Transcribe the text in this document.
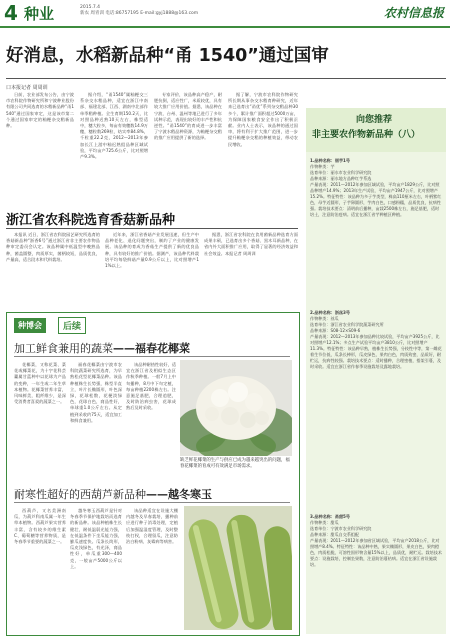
4 种业	2015.7.4
新农 周青训 电话:86757195 E-mail:gyj1888@163.com	农村信息报
好消息，水稻新品种“甬 1540”通过国审
口本报记者 周周训

日前，农业部发布公告，由宁波市农科院作物研究所和宁波种业股份有限公司共同选育的水稻新品种“甬1540”通过国家审定，这是该市第二个通过国家审定的籼粳杂交稻新品种。

据介绍，“甬1540”属籼粳交三系杂交水稻品种，适宜在浙江中南部、福建北部、江西、湖南中北部作单季稻种植。全生育期150.2天，比对照品种迟熟10天左右，株型适中，穗大粒多，每亩有效穗数14.9万穗，穗粒数269粒，结实率84.8%，千粒重22.2克，2012—2013年参加长江上游中籼迟熟组品种区域试验，平均亩产725.6公斤，比对照增产9.3%。

专家评价，该品种高产稳产，耐肥抗倒，适应性广，米质较优，具有较大推广应用价值。据悉，该品种在宁波、台州、温州等地已进行了多年试种示范，表现出较好的丰产性和抗逆性。“甬1540”的育成进一步丰富了宁波水稻品种资源，为籼粳杂交稻的推广应用提供了新的选择。

据了解，宁波市农科院作物研究所长期从事杂交水稻育种研究，近年来已选育出“甬优”系列杂交稻品种30多个，累计推广面积超过5000万亩，为保障国家粮食安全作出了积极贡献。业内人士表示，该品种的通过国审，将有利于扩大推广范围，进一步提升籼粳杂交稻的种植效益，带动农民增收。

浙江省农科院选育香菇新品种

本报讯 近日，浙江省农科院园艺研究所选育的香菇新品种“浙香6号”通过浙江省非主要农作物品种审定委员会认定。该品种属中低温型中晚熟品种，菌盖圆整，肉质厚实，菌柄较短，品质优良，产量高，适合段木和代料栽培。

近年来，浙江省香菇产业发展迅速，但生产中品种老化、退化问题突出，制约了产业的健康发展。该品种的育成为香菇生产提供了新的优良品种，具有较好的推广价值。据测产，该品种代料栽培平均每袋鲜菇产量0.9公斤以上，比对照增产11%以上。

据悉，浙江省农科院在食用菌新品种选育方面成果丰硕，已选育出多个香菇、黑木耳新品种，在省内外大面积推广应用，取得了显著的经济效益和社会效益。本报记者 周周训

种博会	后续
加工鲜食兼用的蔬菜——福春花椰菜

花椰菜，又称花菜、菜花或椰菜花，为十字花科芸薹属甘蓝种中以花球为产品的变种，一年生或二年生草本植物。花椰菜营养丰富，风味鲜美，粗纤维少，是深受消费者喜爱的蔬菜之一。

福春花椰菜由宁波市农科院蔬菜研究所选育，为早熟松花型花椰菜品种。该品种植株生长势强，株型半直立，叶片长椭圆形，叶色深绿，花球松散，花梗淡绿色，花球白色，商品性好，单球重1.0公斤左右。从定植到采收约75天，适宜加工和鲜食兼用。

该品种耐热性较好，适宜在浙江省及相似生态区作秋季种植。一般7月上中旬播种，8月中下旬定植，每亩种植2200株左右。注意施足基肥，合理追肥，及时防治病虫害，花球成熟后及时采收。

缺乏鲜花椰菜的生产与供应已成为越来越突出的问题，福春花椰菜的育成可有效满足市场需求。
耐寒性超好的西葫芦新品种——越冬寒玉

西葫芦，又名美洲南瓜，为葫芦科南瓜属一年生草本植物。西葫芦果实营养丰富，含有较多的维生素C、葡萄糖等营养物质，是冬春季节重要的蔬菜之一。

越冬寒玉西葫芦是针对冬春季节保护地栽培而选育的新品种。该品种植株生长健壮，耐低温弱光能力强，在低温条件下坐瓜能力强，膨瓜速度快。瓜条长筒形，瓜皮浅绿色，有光泽，商品性好，单瓜重300—400克，一般亩产5000公斤以上。

该品种适宜在设施大棚内越冬及早春栽培，播种前应进行种子消毒处理，定植后加强温湿度管理，及时整枝打杈，合理留瓜，注意防治白粉病、灰霉病等病害。

向您推荐
非主要农作物新品种（八）

1.品种名称：丽芋1号

作物种类：芋

选育单位：丽水市农业科学研究院

品种来源：丽水地方品种红芋系选

产量表现：2011—2012年参加区域试验，平均亩产1829公斤，比对照品种增产14.9%；2013年生产试验，平均亩产1947公斤，比对照增产15.2%。特征特性：该品种为多子芋类型，株高110厘米左右，叶柄紫红色，母芋近圆形，子芋卵圆形，芋肉白色，口感粉糯，品质优良，抗病性强。栽培技术要点：清明前后播种，亩栽2500株左右，施足基肥，适时培土，注意防治疫病。适宜在浙江省芋种植区种植。

2.品种名称：浙丝3号

作物种类：丝瓜

选育单位：浙江省农业科学院蔬菜研究所

品种来源：S08-12×S09-6

产量表现：2012—2013年参加品种比较试验，平均亩产3925公斤，比对照增产12.1%；多点生产试验平均亩产3810公斤，比对照增产11.3%。特征特性：该品种早熟，植株生长势强，分枝性中等，第一雌花着生节位低，瓜条长棒形，瓜皮绿色，果肉白色，肉质致密，品质好，耐贮运，抗病性较强。栽培技术要点：适时播种，合理密植，搭架引蔓，及时采收。适宜在浙江省作春季设施栽培及露地栽培。

3.品种名称：甬甜5号

作物种类：甜瓜

选育单位：宁波市农业科学研究院

品种来源：甜瓜自交系组配

产量表现：2011—2012年参加省区域试验，平均亩产2018公斤，比对照增产8.4%。特征特性：该品种中熟，果实椭圆形，果皮白色，果肉橙色，肉质松脆，可溶性固形物含量15%以上，品质优，耐贮运。栽培技术要点：设施栽培，控制坐果数，注意防治蔓枯病。适宜在浙江省设施栽培。
